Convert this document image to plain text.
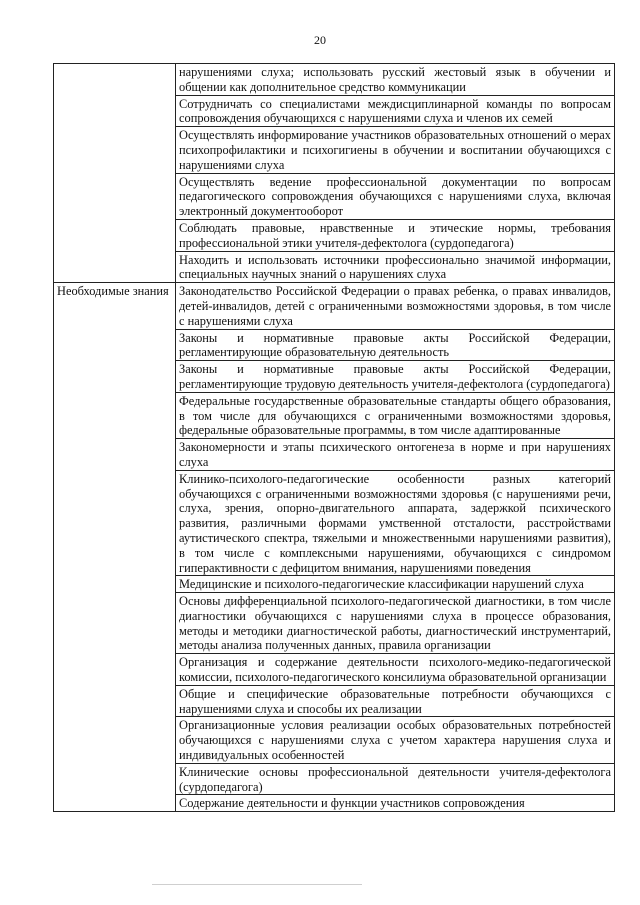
20
	нарушениями слуха; использовать русский жестовый язык в обучении и общении как дополнительное средство коммуникации
	Сотрудничать со специалистами междисциплинарной команды по вопросам сопровождения обучающихся с нарушениями слуха и членов их семей
	Осуществлять информирование участников образовательных отношений о мерах психопрофилактики и психогигиены в обучении и воспитании обучающихся с нарушениями слуха
	Осуществлять ведение профессиональной документации по вопросам педагогического сопровождения обучающихся с нарушениями слуха, включая электронный документооборот
	Соблюдать правовые, нравственные и этические нормы, требования профессиональной этики учителя-дефектолога (сурдопедагога)
	Находить и использовать источники профессионально значимой информации, специальных научных знаний о нарушениях слуха
Необходимые знания	Законодательство Российской Федерации о правах ребенка, о правах инвалидов, детей-инвалидов, детей с ограниченными возможностями здоровья, в том числе с нарушениями слуха
	Законы и нормативные правовые акты Российской Федерации, регламентирующие образовательную деятельность
	Законы и нормативные правовые акты Российской Федерации, регламентирующие трудовую деятельность учителя-дефектолога (сурдопедагога)
	Федеральные государственные образовательные стандарты общего образования, в том числе для обучающихся с ограниченными возможностями здоровья, федеральные образовательные программы, в том числе адаптированные
	Закономерности и этапы психического онтогенеза в норме и при нарушениях слуха
	Клинико-психолого-педагогические особенности разных категорий обучающихся с ограниченными возможностями здоровья (с нарушениями речи, слуха, зрения, опорно-двигательного аппарата, задержкой психического развития, различными формами умственной отсталости, расстройствами аутистического спектра, тяжелыми и множественными нарушениями развития), в том числе с комплексными нарушениями, обучающихся с синдромом гиперактивности с дефицитом внимания, нарушениями поведения
	Медицинские и психолого-педагогические классификации нарушений слуха
	Основы дифференциальной психолого-педагогической диагностики, в том числе диагностики обучающихся с нарушениями слуха в процессе образования, методы и методики диагностической работы, диагностический инструментарий, методы анализа полученных данных, правила организации
	Организация и содержание деятельности психолого-медико-педагогической комиссии, психолого-педагогического консилиума образовательной организации
	Общие и специфические образовательные потребности обучающихся с нарушениями слуха и способы их реализации
	Организационные условия реализации особых образовательных потребностей обучающихся с нарушениями слуха с учетом характера нарушения слуха и индивидуальных особенностей
	Клинические основы профессиональной деятельности учителя-дефектолога (сурдопедагога)
	Содержание деятельности и функции участников сопровождения
